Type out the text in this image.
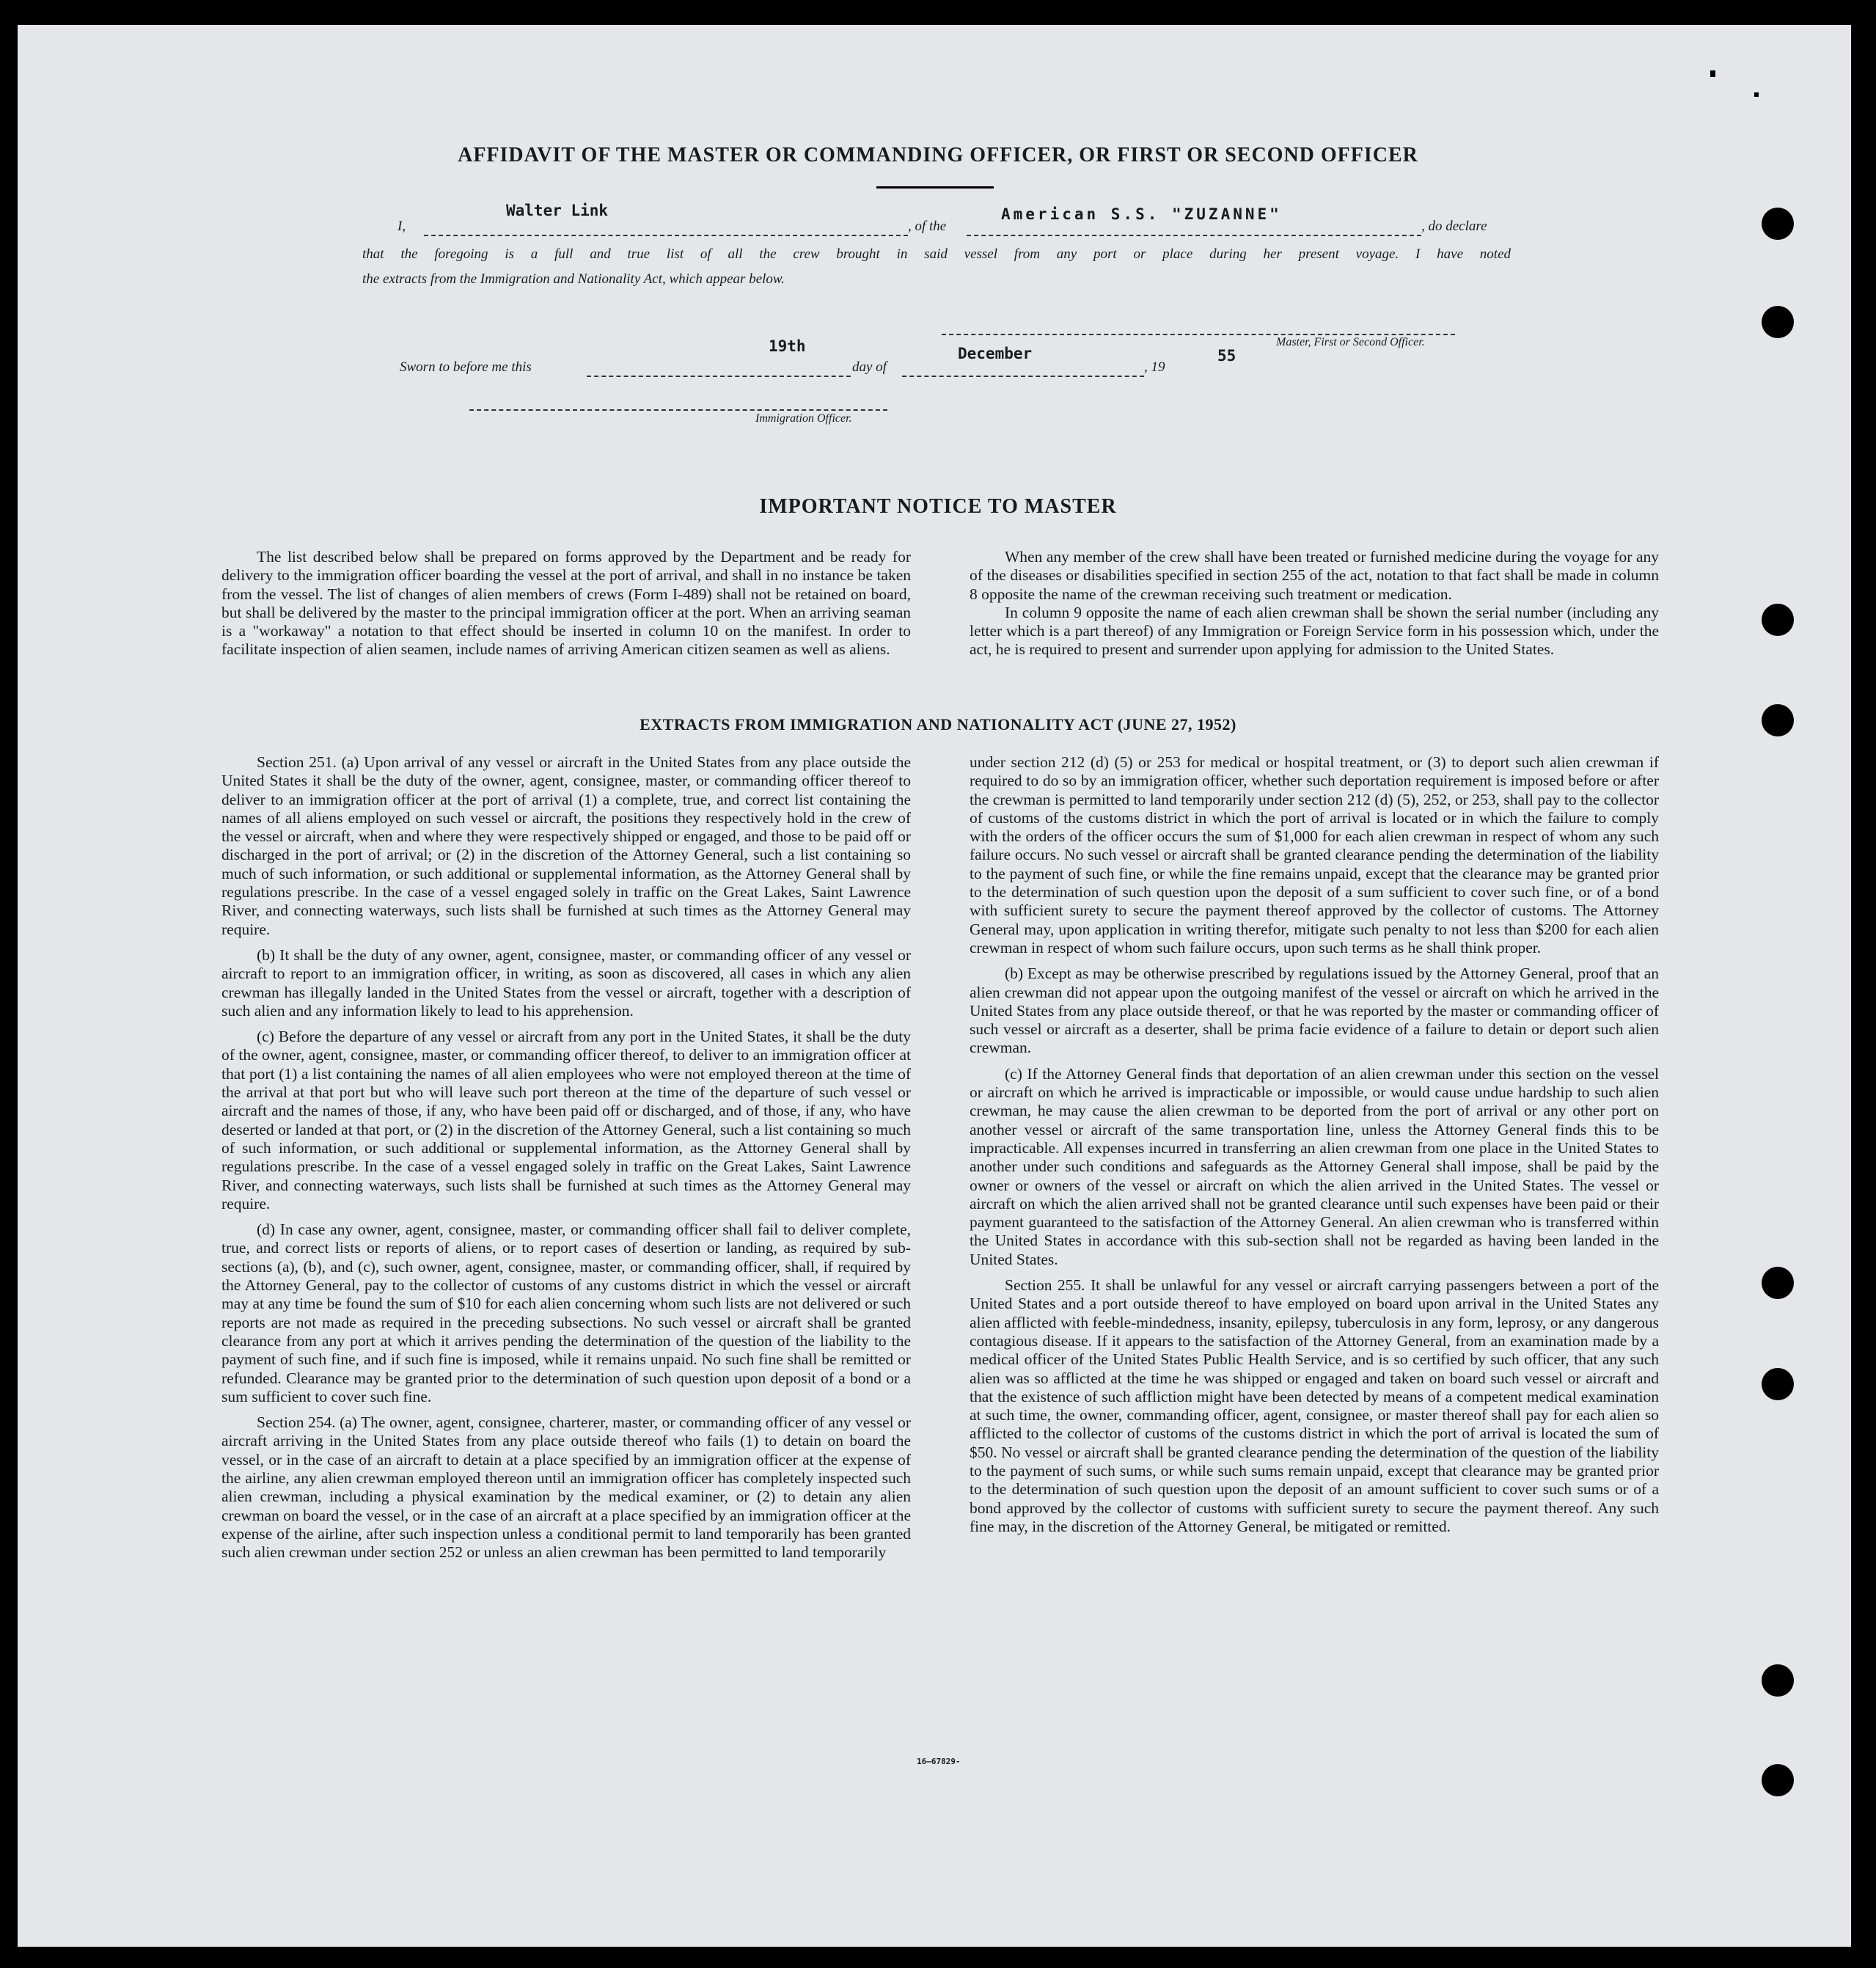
AFFIDAVIT OF THE MASTER OR COMMANDING OFFICER, OR FIRST OR SECOND OFFICER
I,
Walter Link
, of the
American S.S. "ZUZANNE"
, do declare
that the foregoing is a full and true list of all the crew brought in said vessel from any port or place during her present voyage. I have noted
the extracts from the Immigration and Nationality Act, which appear below.
Master, First or Second Officer.
Sworn to before me this
19th
day of
December
, 19
55
Immigration Officer.
IMPORTANT NOTICE TO MASTER

The list described below shall be prepared on forms approved by the Department and be ready for delivery to the immigration officer boarding the vessel at the port of arrival, and shall in no instance be taken from the vessel. The list of changes of alien members of crews (Form I-489) shall not be retained on board, but shall be delivered by the master to the principal immigration officer at the port. When an arriving seaman is a "workaway" a notation to that effect should be inserted in column 10 on the manifest. In order to facilitate inspection of alien seamen, include names of arriving American citizen seamen as well as aliens.

When any member of the crew shall have been treated or furnished medicine during the voyage for any of the diseases or disabilities specified in section 255 of the act, notation to that fact shall be made in column 8 opposite the name of the crewman receiving such treatment or medication.

In column 9 opposite the name of each alien crewman shall be shown the serial number (including any letter which is a part thereof) of any Immigration or Foreign Service form in his possession which, under the act, he is required to present and surrender upon applying for admission to the United States.

EXTRACTS FROM IMMIGRATION AND NATIONALITY ACT (JUNE 27, 1952)

Section 251. (a) Upon arrival of any vessel or aircraft in the United States from any place outside the United States it shall be the duty of the owner, agent, consignee, master, or commanding officer thereof to deliver to an immigration officer at the port of arrival (1) a complete, true, and correct list containing the names of all aliens employed on such vessel or aircraft, the positions they respectively hold in the crew of the vessel or aircraft, when and where they were respectively shipped or engaged, and those to be paid off or discharged in the port of arrival; or (2) in the discretion of the Attorney General, such a list containing so much of such information, or such additional or supplemental information, as the Attorney General shall by regulations prescribe. In the case of a vessel engaged solely in traffic on the Great Lakes, Saint Lawrence River, and connecting waterways, such lists shall be furnished at such times as the Attorney General may require.

(b) It shall be the duty of any owner, agent, consignee, master, or commanding officer of any vessel or aircraft to report to an immigration officer, in writing, as soon as discovered, all cases in which any alien crewman has illegally landed in the United States from the vessel or aircraft, together with a description of such alien and any information likely to lead to his apprehension.

(c) Before the departure of any vessel or aircraft from any port in the United States, it shall be the duty of the owner, agent, consignee, master, or commanding officer thereof, to deliver to an immigration officer at that port (1) a list containing the names of all alien employees who were not employed thereon at the time of the arrival at that port but who will leave such port thereon at the time of the departure of such vessel or aircraft and the names of those, if any, who have been paid off or discharged, and of those, if any, who have deserted or landed at that port, or (2) in the discretion of the Attorney General, such a list containing so much of such information, or such additional or supplemental information, as the Attorney General shall by regulations prescribe. In the case of a vessel engaged solely in traffic on the Great Lakes, Saint Lawrence River, and connecting waterways, such lists shall be furnished at such times as the Attorney General may require.

(d) In case any owner, agent, consignee, master, or commanding officer shall fail to deliver complete, true, and correct lists or reports of aliens, or to report cases of desertion or landing, as required by sub-sections (a), (b), and (c), such owner, agent, consignee, master, or commanding officer, shall, if required by the Attorney General, pay to the collector of customs of any customs district in which the vessel or aircraft may at any time be found the sum of $10 for each alien concerning whom such lists are not delivered or such reports are not made as required in the preceding subsections. No such vessel or aircraft shall be granted clearance from any port at which it arrives pending the determination of the question of the liability to the payment of such fine, and if such fine is imposed, while it remains unpaid. No such fine shall be remitted or refunded. Clearance may be granted prior to the determination of such question upon deposit of a bond or a sum sufficient to cover such fine.

Section 254. (a) The owner, agent, consignee, charterer, master, or commanding officer of any vessel or aircraft arriving in the United States from any place outside thereof who fails (1) to detain on board the vessel, or in the case of an aircraft to detain at a place specified by an immigration officer at the expense of the airline, any alien crewman employed thereon until an immigration officer has completely inspected such alien crewman, including a physical examination by the medical examiner, or (2) to detain any alien crewman on board the vessel, or in the case of an aircraft at a place specified by an immigration officer at the expense of the airline, after such inspection unless a conditional permit to land temporarily has been granted such alien crewman under section 252 or unless an alien crewman has been permitted to land temporarily

under section 212 (d) (5) or 253 for medical or hospital treatment, or (3) to deport such alien crewman if required to do so by an immigration officer, whether such deportation requirement is imposed before or after the crewman is permitted to land temporarily under section 212 (d) (5), 252, or 253, shall pay to the collector of customs of the customs district in which the port of arrival is located or in which the failure to comply with the orders of the officer occurs the sum of $1,000 for each alien crewman in respect of whom any such failure occurs. No such vessel or aircraft shall be granted clearance pending the determination of the liability to the payment of such fine, or while the fine remains unpaid, except that the clearance may be granted prior to the determination of such question upon the deposit of a sum sufficient to cover such fine, or of a bond with sufficient surety to secure the payment thereof approved by the collector of customs. The Attorney General may, upon application in writing therefor, mitigate such penalty to not less than $200 for each alien crewman in respect of whom such failure occurs, upon such terms as he shall think proper.

(b) Except as may be otherwise prescribed by regulations issued by the Attorney General, proof that an alien crewman did not appear upon the outgoing manifest of the vessel or aircraft on which he arrived in the United States from any place outside thereof, or that he was reported by the master or commanding officer of such vessel or aircraft as a deserter, shall be prima facie evidence of a failure to detain or deport such alien crewman.

(c) If the Attorney General finds that deportation of an alien crewman under this section on the vessel or aircraft on which he arrived is impracticable or impossible, or would cause undue hardship to such alien crewman, he may cause the alien crewman to be deported from the port of arrival or any other port on another vessel or aircraft of the same transportation line, unless the Attorney General finds this to be impracticable. All expenses incurred in transferring an alien crewman from one place in the United States to another under such conditions and safeguards as the Attorney General shall impose, shall be paid by the owner or owners of the vessel or aircraft on which the alien arrived in the United States. The vessel or aircraft on which the alien arrived shall not be granted clearance until such expenses have been paid or their payment guaranteed to the satisfaction of the Attorney General. An alien crewman who is transferred within the United States in accordance with this sub-section shall not be regarded as having been landed in the United States.

Section 255. It shall be unlawful for any vessel or aircraft carrying passengers between a port of the United States and a port outside thereof to have employed on board upon arrival in the United States any alien afflicted with feeble-mindedness, insanity, epilepsy, tuberculosis in any form, leprosy, or any dangerous contagious disease. If it appears to the satisfaction of the Attorney General, from an examination made by a medical officer of the United States Public Health Service, and is so certified by such officer, that any such alien was so afflicted at the time he was shipped or engaged and taken on board such vessel or aircraft and that the existence of such affliction might have been detected by means of a competent medical examination at such time, the owner, commanding officer, agent, consignee, or master thereof shall pay for each alien so afflicted to the collector of customs of the customs district in which the port of arrival is located the sum of $50. No vessel or aircraft shall be granted clearance pending the determination of the question of the liability to the payment of such sums, or while such sums remain unpaid, except that clearance may be granted prior to the determination of such question upon the deposit of an amount sufficient to cover such sums or of a bond approved by the collector of customs with sufficient surety to secure the payment thereof. Any such fine may, in the discretion of the Attorney General, be mitigated or remitted.

16—67829-
